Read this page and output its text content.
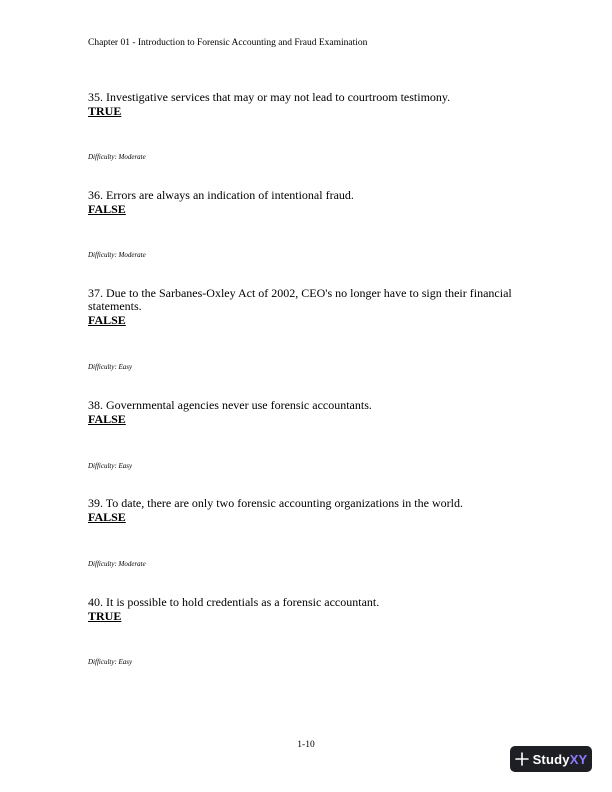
Chapter 01 - Introduction to Forensic Accounting and Fraud Examination

35. Investigative services that may or may not lead to courtroom testimony.

TRUE

Difficulty: Moderate

36. Errors are always an indication of intentional fraud.

FALSE

Difficulty: Moderate

37. Due to the Sarbanes-Oxley Act of 2002, CEO's no longer have to sign their financial statements.

FALSE

Difficulty: Easy

38. Governmental agencies never use forensic accountants.

FALSE

Difficulty: Easy

39. To date, there are only two forensic accounting organizations in the world.

FALSE

Difficulty: Moderate

40. It is possible to hold credentials as a forensic accountant.

TRUE

Difficulty: Easy
1-10
StudyXY
